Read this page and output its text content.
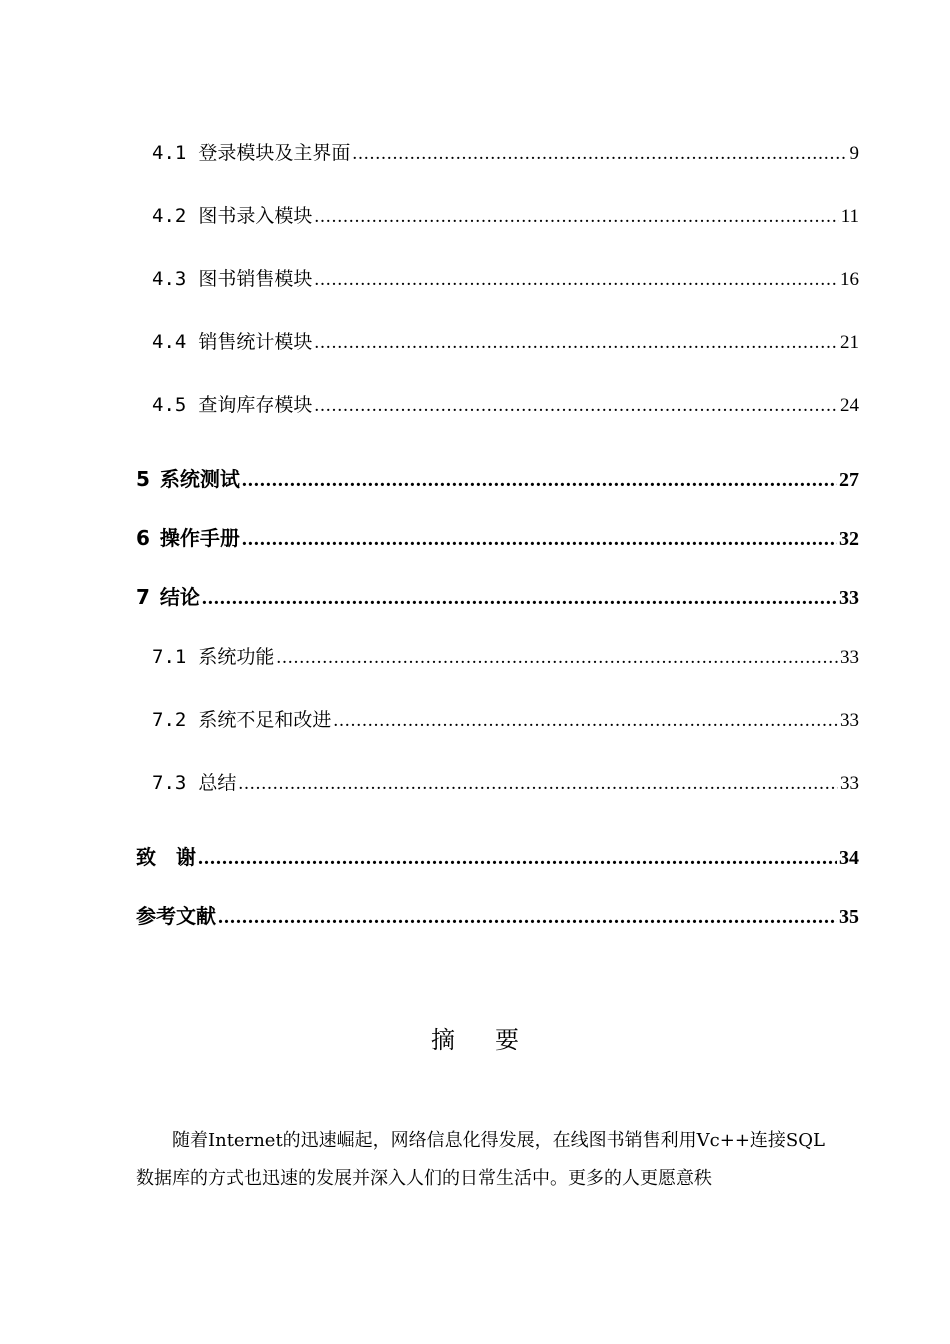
4.1 登录模块及主界面 .....	9
4.2 图书录入模块 .....	11
4.3 图书销售模块 .....	16
4.4 销售统计模块 .....	21
4.5 查询库存模块 .....	24
5 系统测试 .....	27
6 操作手册 .....	32
7 结论 .....	33
7.1 系统功能 .....	33
7.2 系统不足和改进 .....	33
7.3 总结 .....	33
致　谢 .....	34
参考文献 .....	35
摘要
随着Internet的迅速崛起，网络信息化得发展，在线图书销售利用Vc++连接SQL数据库的方式也迅速的发展并深入人们的日常生活中。更多的人更愿意秩
